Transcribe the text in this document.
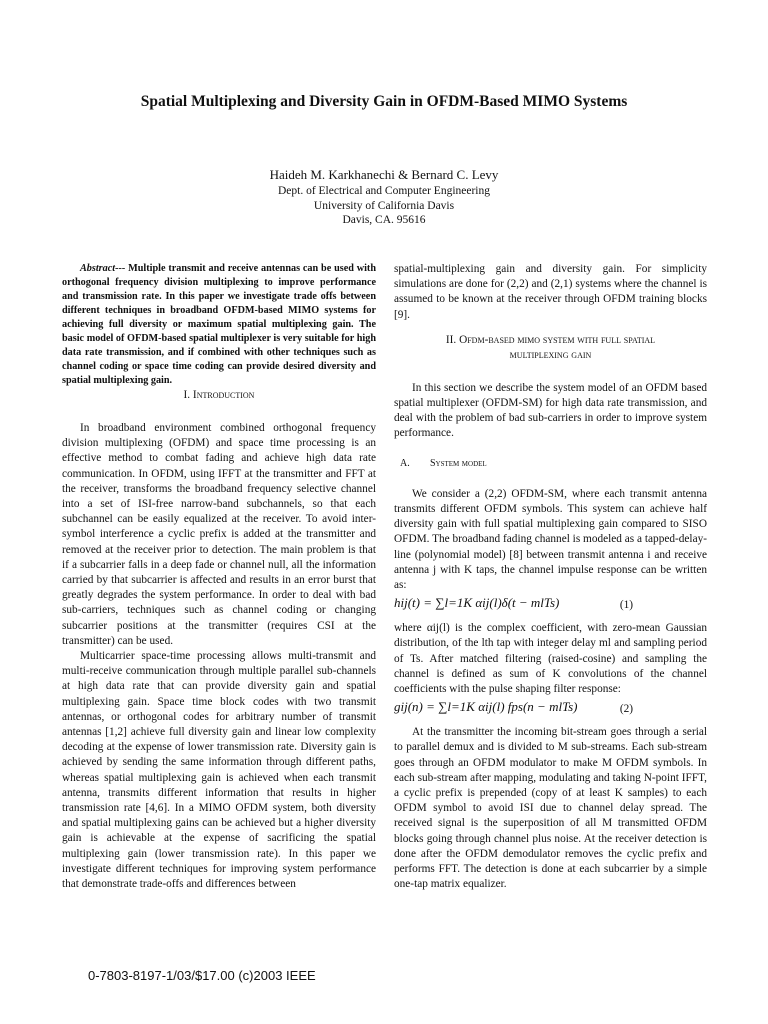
Spatial Multiplexing and Diversity Gain in OFDM-Based MIMO Systems
Haideh M. Karkhanechi & Bernard C. Levy
Dept. of Electrical and Computer Engineering
University of California Davis
Davis, CA. 95616

Abstract--- Multiple transmit and receive antennas can be used with orthogonal frequency division multiplexing to improve performance and transmission rate. In this paper we investigate trade offs between different techniques in broadband OFDM-based MIMO systems for achieving full diversity or maximum spatial multiplexing gain. The basic model of OFDM-based spatial multiplexer is very suitable for high data rate transmission, and if combined with other techniques such as channel coding or space time coding can provide desired diversity and spatial multiplexing gain.

I. Introduction

In broadband environment combined orthogonal frequency division multiplexing (OFDM) and space time processing is an effective method to combat fading and achieve high data rate communication. In OFDM, using IFFT at the transmitter and FFT at the receiver, transforms the broadband frequency selective channel into a set of ISI-free narrow-band subchannels, so that each subchannel can be easily equalized at the receiver. To avoid inter-symbol interference a cyclic prefix is added at the transmitter and removed at the receiver prior to detection. The main problem is that if a subcarrier falls in a deep fade or channel null, all the information carried by that subcarrier is affected and results in an error burst that greatly degrades the system performance. In order to deal with bad sub-carriers, techniques such as channel coding or changing subcarrier positions at the transmitter (requires CSI at the transmitter) can be used.

Multicarrier space-time processing allows multi-transmit and multi-receive communication through multiple parallel sub-channels at high data rate that can provide diversity gain and spatial multiplexing gain. Space time block codes with two transmit antennas, or orthogonal codes for arbitrary number of transmit antennas [1,2] achieve full diversity gain and linear low complexity decoding at the expense of lower transmission rate. Diversity gain is achieved by sending the same information through different paths, whereas spatial multiplexing gain is achieved when each transmit antenna, transmits different information that results in higher transmission rate [4,6]. In a MIMO OFDM system, both diversity and spatial multiplexing gains can be achieved but a higher diversity gain is achievable at the expense of sacrificing the spatial multiplexing gain (lower transmission rate). In this paper we investigate different techniques for improving system performance that demonstrate trade-offs and differences between

spatial-multiplexing gain and diversity gain. For simplicity simulations are done for (2,2) and (2,1) systems where the channel is assumed to be known at the receiver through OFDM training blocks [9].

II. Ofdm-based mimo system with full spatial
multiplexing gain

In this section we describe the system model of an OFDM based spatial multiplexer (OFDM-SM) for high data rate transmission, and deal with the problem of bad sub-carriers in order to improve system performance.

A. System model

We consider a (2,2) OFDM-SM, where each transmit antenna transmits different OFDM symbols. This system can achieve half diversity gain with full spatial multiplexing gain compared to SISO OFDM. The broadband fading channel is modeled as a tapped-delay-line (polynomial model) [8] between transmit antenna i and receive antenna j with K taps, the channel impulse response can be written as:

hij(t) = ∑l=1K αij(l)δ(t − mlTs)	(1)

where αij(l) is the complex coefficient, with zero-mean Gaussian distribution, of the lth tap with integer delay ml and sampling period of Ts. After matched filtering (raised-cosine) and sampling the channel is defined as sum of K convolutions of the channel coefficients with the pulse shaping filter response:

gij(n) = ∑l=1K αij(l) fps(n − mlTs)	(2)

At the transmitter the incoming bit-stream goes through a serial to parallel demux and is divided to M sub-streams. Each sub-stream goes through an OFDM modulator to make M OFDM symbols. In each sub-stream after mapping, modulating and taking N-point IFFT, a cyclic prefix is prepended (copy of at least K samples) to each OFDM symbol to avoid ISI due to channel delay spread. The received signal is the superposition of all M transmitted OFDM blocks going through channel plus noise. At the receiver detection is done after the OFDM demodulator removes the cyclic prefix and performs FFT. The detection is done at each subcarrier by a simple one-tap matrix equalizer.

0-7803-8197-1/03/$17.00 (c)2003 IEEE
